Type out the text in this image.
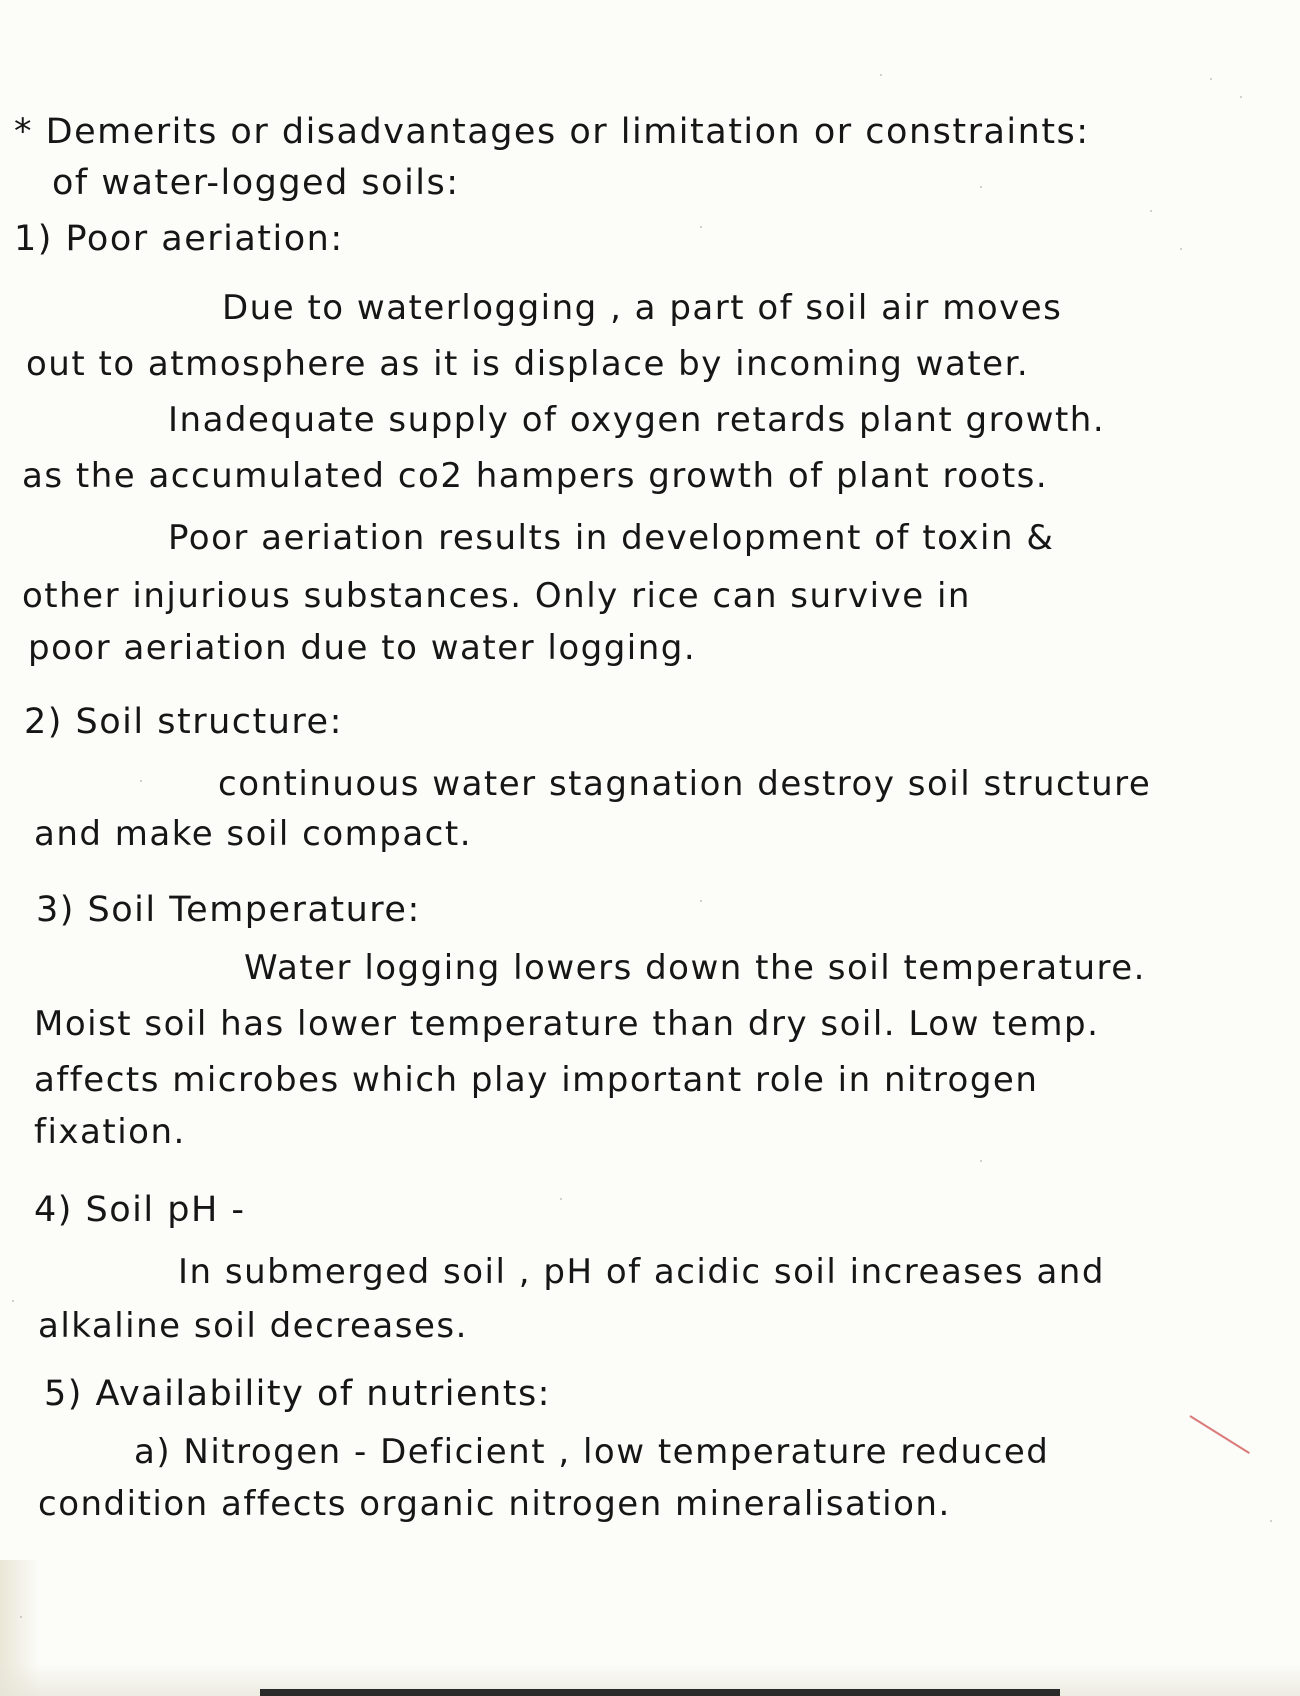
* Demerits or disadvantages or limitation or constraints:
of water-logged soils:
1) Poor aeriation:
Due to waterlogging , a part of soil air moves
out to atmosphere as it is displace by incoming water.
Inadequate supply of oxygen retards plant growth.
as the accumulated co2 hampers growth of plant roots.
Poor aeriation results in development of toxin &
other injurious substances. Only rice can survive in
poor aeriation due to water logging.
2) Soil structure:
continuous water stagnation destroy soil structure
and make soil compact.
3) Soil Temperature:
Water logging lowers down the soil temperature.
Moist soil has lower temperature than dry soil. Low temp.
affects microbes which play important role in nitrogen
fixation.
4) Soil pH -
In submerged soil , pH of acidic soil increases and
alkaline soil decreases.
5) Availability of nutrients:
a) Nitrogen - Deficient , low temperature reduced
condition affects organic nitrogen mineralisation.
